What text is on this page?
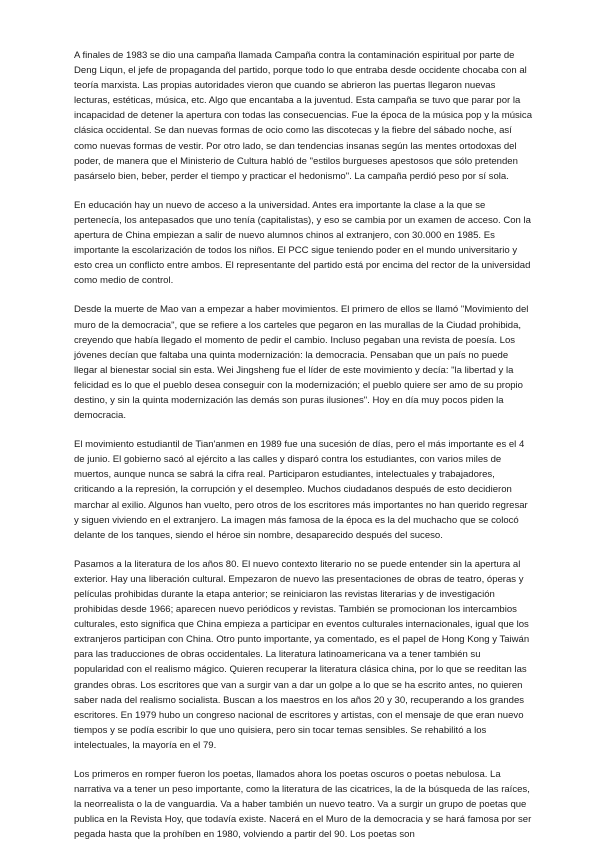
A finales de 1983 se dio una campaña llamada Campaña contra la contaminación espiritual por parte de Deng Liqun, el jefe de propaganda del partido, porque todo lo que entraba desde occidente chocaba con al teoría marxista. Las propias autoridades vieron que cuando se abrieron las puertas llegaron nuevas lecturas, estéticas, música, etc. Algo que encantaba a la juventud. Esta campaña se tuvo que parar por la incapacidad de detener la apertura con todas las consecuencias. Fue la época de la música pop y la música clásica occidental. Se dan nuevas formas de ocio como las discotecas y la fiebre del sábado noche, así como nuevas formas de vestir. Por otro lado, se dan tendencias insanas según las mentes ortodoxas del poder, de manera que el Ministerio de Cultura habló de "estilos burgueses apestosos que sólo pretenden pasárselo bien, beber, perder el tiempo y practicar el hedonismo". La campaña perdió peso por sí sola.

En educación hay un nuevo de acceso a la universidad. Antes era importante la clase a la que se pertenecía, los antepasados que uno tenía (capitalistas), y eso se cambia por un examen de acceso. Con la apertura de China empiezan a salir de nuevo alumnos chinos al extranjero, con 30.000 en 1985. Es importante la escolarización de todos los niños. El PCC sigue teniendo poder en el mundo universitario y esto crea un conflicto entre ambos. El representante del partido está por encima del rector de la universidad como medio de control.

Desde la muerte de Mao van a empezar a haber movimientos. El primero de ellos se llamó "Movimiento del muro de la democracia", que se refiere a los carteles que pegaron en las murallas de la Ciudad prohibida, creyendo que había llegado el momento de pedir el cambio. Incluso pegaban una revista de poesía. Los jóvenes decían que faltaba una quinta modernización: la democracia. Pensaban que un país no puede llegar al bienestar social sin esta. Wei Jingsheng fue el líder de este movimiento y decía: "la libertad y la felicidad es lo que el pueblo desea conseguir con la modernización; el pueblo quiere ser amo de su propio destino, y sin la quinta modernización las demás son puras ilusiones". Hoy en día muy pocos piden la democracia.

El movimiento estudiantil de Tian'anmen en 1989 fue una sucesión de días, pero el más importante es el 4 de junio. El gobierno sacó al ejército a las calles y disparó contra los estudiantes, con varios miles de muertos, aunque nunca se sabrá la cifra real. Participaron estudiantes, intelectuales y trabajadores, criticando a la represión, la corrupción y el desempleo. Muchos ciudadanos después de esto decidieron marchar al exilio. Algunos han vuelto, pero otros de los escritores más importantes no han querido regresar y siguen viviendo en el extranjero. La imagen más famosa de la época es la del muchacho que se colocó delante de los tanques, siendo el héroe sin nombre, desaparecido después del suceso.

Pasamos a la literatura de los años 80. El nuevo contexto literario no se puede entender sin la apertura al exterior. Hay una liberación cultural. Empezaron de nuevo las presentaciones de obras de teatro, óperas y películas prohibidas durante la etapa anterior; se reiniciaron las revistas literarias y de investigación prohibidas desde 1966; aparecen nuevo periódicos y revistas. También se promocionan los intercambios culturales, esto significa que China empieza a participar en eventos culturales internacionales, igual que los extranjeros participan con China. Otro punto importante, ya comentado, es el papel de Hong Kong y Taiwán para las traducciones de obras occidentales. La literatura latinoamericana va a tener también su popularidad con el realismo mágico. Quieren recuperar la literatura clásica china, por lo que se reeditan las grandes obras. Los escritores que van a surgir van a dar un golpe a lo que se ha escrito antes, no quieren saber nada del realismo socialista. Buscan a los maestros en los años 20 y 30, recuperando a los grandes escritores. En 1979 hubo un congreso nacional de escritores y artistas, con el mensaje de que eran nuevo tiempos y se podía escribir lo que uno quisiera, pero sin tocar temas sensibles. Se rehabilitó a los intelectuales, la mayoría en el 79.

Los primeros en romper fueron los poetas, llamados ahora los poetas oscuros o poetas nebulosa. La narrativa va a tener un peso importante, como la literatura de las cicatrices, la de la búsqueda de las raíces, la neorrealista o la de vanguardia. Va a haber también un nuevo teatro. Va a surgir un grupo de poetas que publica en la Revista Hoy, que todavía existe. Nacerá en el Muro de la democracia y se hará famosa por ser pegada hasta que la prohíben en 1980, volviendo a partir del 90. Los poetas son
